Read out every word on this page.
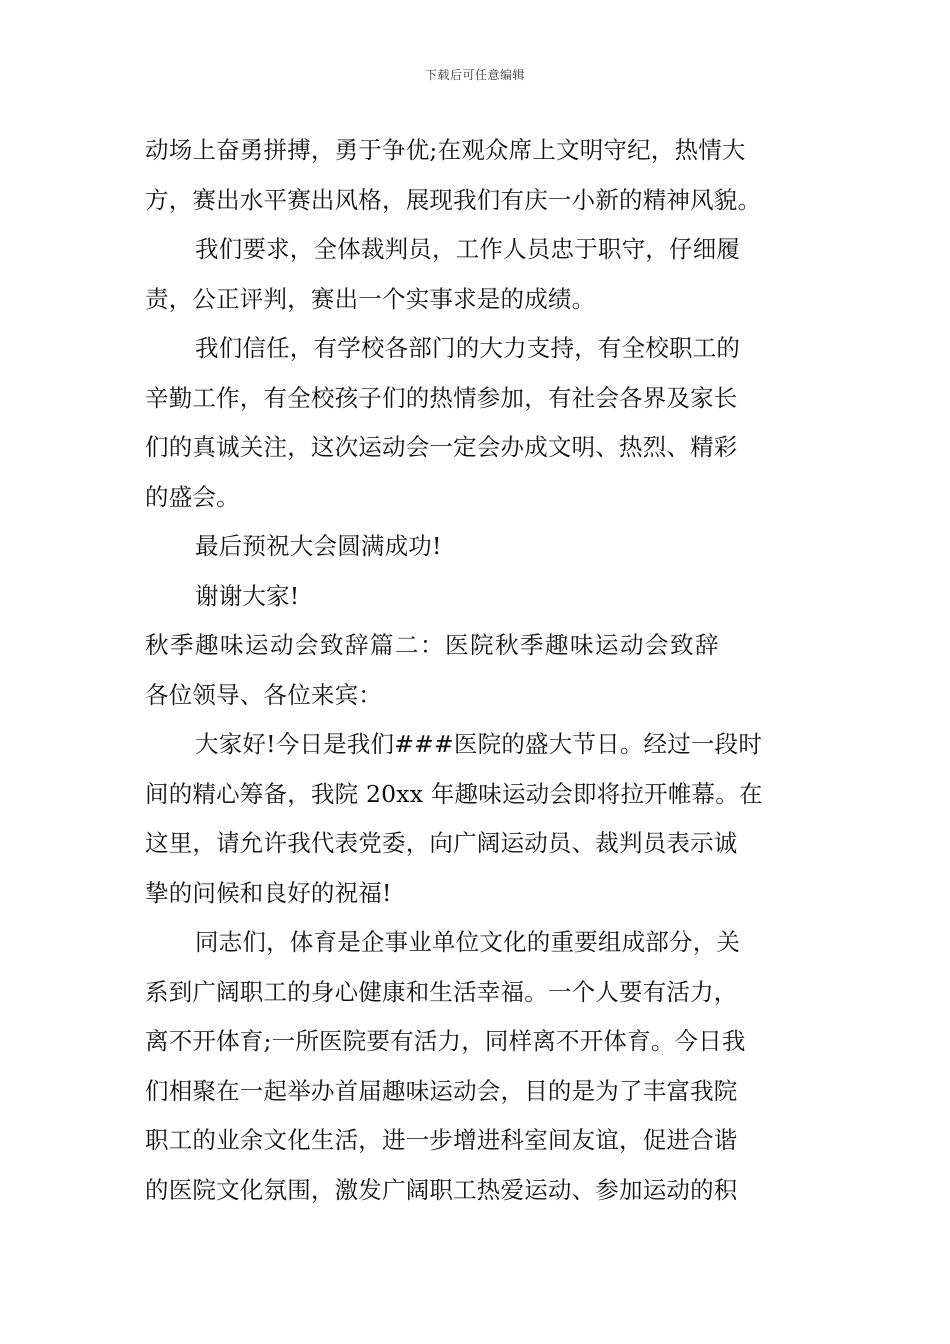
下载后可任意编辑
动场上奋勇拼搏，勇于争优;在观众席上文明守纪，热情大
方，赛出水平赛出风格，展现我们有庆一小新的精神风貌。
我们要求，全体裁判员，工作人员忠于职守，仔细履
责，公正评判，赛出一个实事求是的成绩。
我们信任，有学校各部门的大力支持，有全校职工的
辛勤工作，有全校孩子们的热情参加，有社会各界及家长
们的真诚关注，这次运动会一定会办成文明、热烈、精彩
的盛会。
最后预祝大会圆满成功!
谢谢大家!
秋季趣味运动会致辞篇二：医院秋季趣味运动会致辞
各位领导、各位来宾：
大家好!今日是我们###医院的盛大节日。经过一段时
间的精心筹备，我院 20xx 年趣味运动会即将拉开帷幕。在
这里，请允许我代表党委，向广阔运动员、裁判员表示诚
挚的问候和良好的祝福!
同志们，体育是企事业单位文化的重要组成部分，关
系到广阔职工的身心健康和生活幸福。一个人要有活力，
离不开体育;一所医院要有活力，同样离不开体育。今日我
们相聚在一起举办首届趣味运动会，目的是为了丰富我院
职工的业余文化生活，进一步增进科室间友谊，促进合谐
的医院文化氛围，激发广阔职工热爱运动、参加运动的积
